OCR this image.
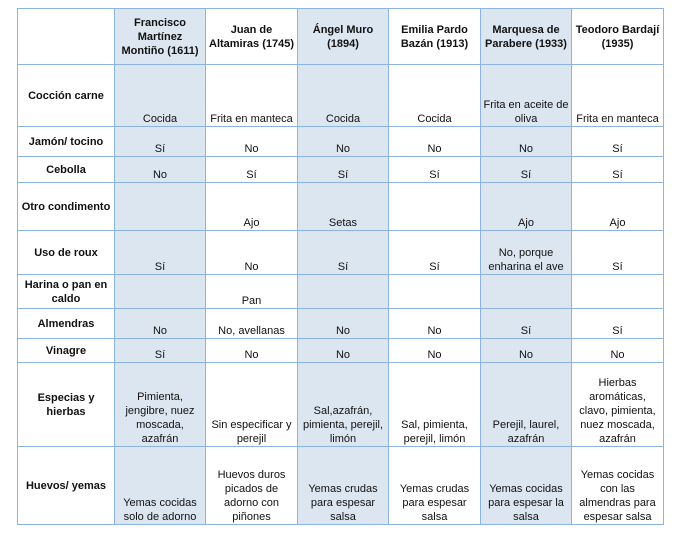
	Francisco Martínez Montiño (1611)	Juan de Altamiras (1745)	Ángel Muro (1894)	Emilia Pardo Bazán (1913)	Marquesa de Parabere (1933)	Teodoro Bardají (1935)
Cocción carne	Cocida	Frita en manteca	Cocida	Cocida	Frita en aceite de oliva	Frita en manteca
Jamón/ tocino	Sí	No	No	No	No	Sí
Cebolla	No	Sí	Sí	Sí	Sí	Sí
Otro condimento		Ajo	Setas		Ajo	Ajo
Uso de roux	Sí	No	Sí	Sí	No, porque enharina el ave	Sí
Harina o pan en caldo		Pan				
Almendras	No	No, avellanas	No	No	Sí	Sí
Vinagre	Sí	No	No	No	No	No
Especias y hierbas	Pimienta, jengibre, nuez moscada, azafrán	Sin especificar y perejil	Sal,azafrán, pimienta, perejil, limón	Sal, pimienta, perejil, limón	Perejil, laurel, azafrán	Hierbas aromáticas, clavo, pimienta, nuez moscada, azafrán
Huevos/ yemas	Yemas cocidas solo de adorno	Huevos duros picados de adorno con piñones	Yemas crudas para espesar salsa	Yemas crudas para espesar salsa	Yemas cocidas para espesar la salsa	Yemas cocidas con las almendras para espesar salsa
